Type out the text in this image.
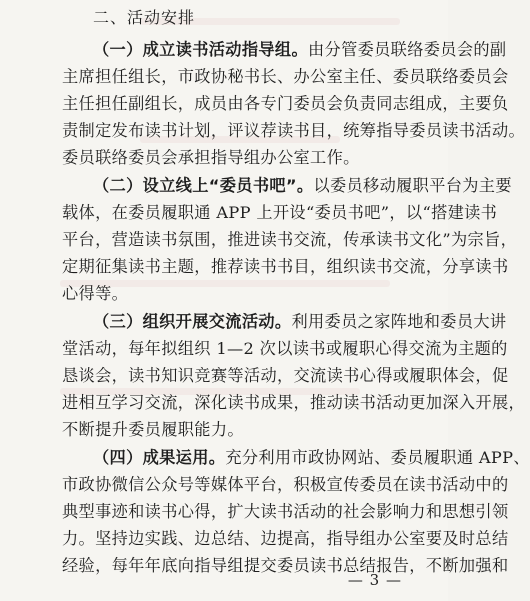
二、活动安排
（一）成立读书活动指导组。由分管委员联络委员会的副
主席担任组长，市政协秘书长、办公室主任、委员联络委员会
主任担任副组长，成员由各专门委员会负责同志组成，主要负
责制定发布读书计划，评议荐读书目，统筹指导委员读书活动。
委员联络委员会承担指导组办公室工作。
（二）设立线上“委员书吧”。以委员移动履职平台为主要
载体，在委员履职通 APP 上开设“委员书吧”，以“搭建读书
平台，营造读书氛围，推进读书交流，传承读书文化”为宗旨，
定期征集读书主题，推荐读书书目，组织读书交流，分享读书
心得等。
（三）组织开展交流活动。利用委员之家阵地和委员大讲
堂活动，每年拟组织 1—2 次以读书或履职心得交流为主题的
恳谈会，读书知识竞赛等活动，交流读书心得或履职体会，促
进相互学习交流，深化读书成果，推动读书活动更加深入开展，
不断提升委员履职能力。
（四）成果运用。充分利用市政协网站、委员履职通 APP、
市政协微信公众号等媒体平台，积极宣传委员在读书活动中的
典型事迹和读书心得，扩大读书活动的社会影响力和思想引领
力。坚持边实践、边总结、边提高，指导组办公室要及时总结
经验，每年年底向指导组提交委员读书总结报告，不断加强和
— 3 —
